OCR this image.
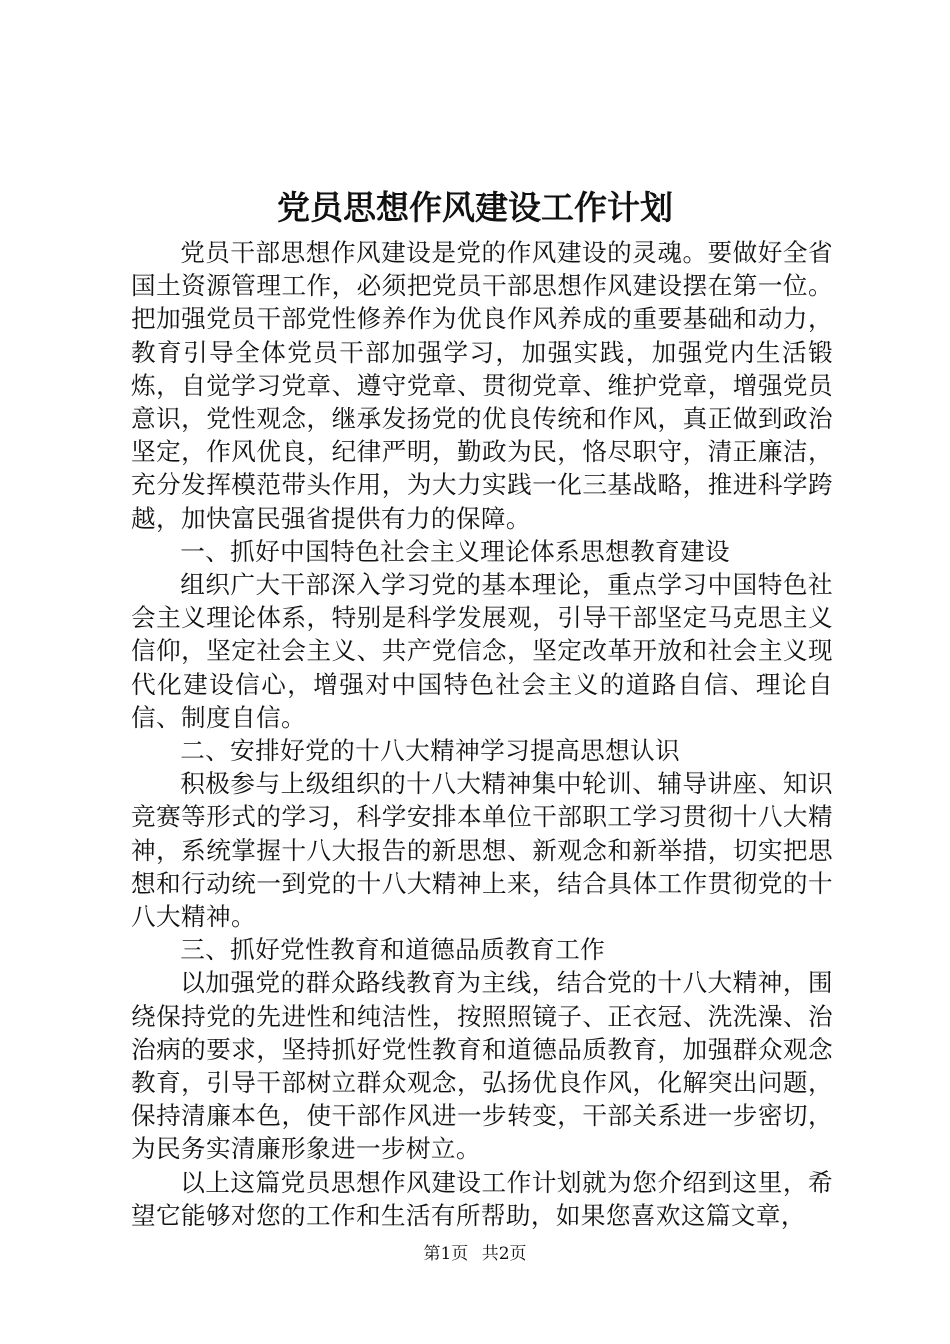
党员思想作风建设工作计划

党员干部思想作风建设是党的作风建设的灵魂。要做好全省国土资源管理工作，必须把党员干部思想作风建设摆在第一位。把加强党员干部党性修养作为优良作风养成的重要基础和动力，教育引导全体党员干部加强学习，加强实践，加强党内生活锻炼，自觉学习党章、遵守党章、贯彻党章、维护党章，增强党员意识，党性观念，继承发扬党的优良传统和作风，真正做到政治坚定，作风优良，纪律严明，勤政为民，恪尽职守，清正廉洁，充分发挥模范带头作用，为大力实践一化三基战略，推进科学跨越，加快富民强省提供有力的保障。

一、抓好中国特色社会主义理论体系思想教育建设

组织广大干部深入学习党的基本理论，重点学习中国特色社会主义理论体系，特别是科学发展观，引导干部坚定马克思主义信仰，坚定社会主义、共产党信念，坚定改革开放和社会主义现代化建设信心，增强对中国特色社会主义的道路自信、理论自信、制度自信。

二、安排好党的十八大精神学习提高思想认识

积极参与上级组织的十八大精神集中轮训、辅导讲座、知识竞赛等形式的学习，科学安排本单位干部职工学习贯彻十八大精神，系统掌握十八大报告的新思想、新观念和新举措，切实把思想和行动统一到党的十八大精神上来，结合具体工作贯彻党的十八大精神。

三、抓好党性教育和道德品质教育工作

以加强党的群众路线教育为主线，结合党的十八大精神，围绕保持党的先进性和纯洁性，按照照镜子、正衣冠、洗洗澡、治治病的要求，坚持抓好党性教育和道德品质教育，加强群众观念教育，引导干部树立群众观念，弘扬优良作风，化解突出问题，保持清廉本色，使干部作风进一步转变，干部关系进一步密切，为民务实清廉形象进一步树立。

以上这篇党员思想作风建设工作计划就为您介绍到这里，希望它能够对您的工作和生活有所帮助，如果您喜欢这篇文章，

第1页 共2页
